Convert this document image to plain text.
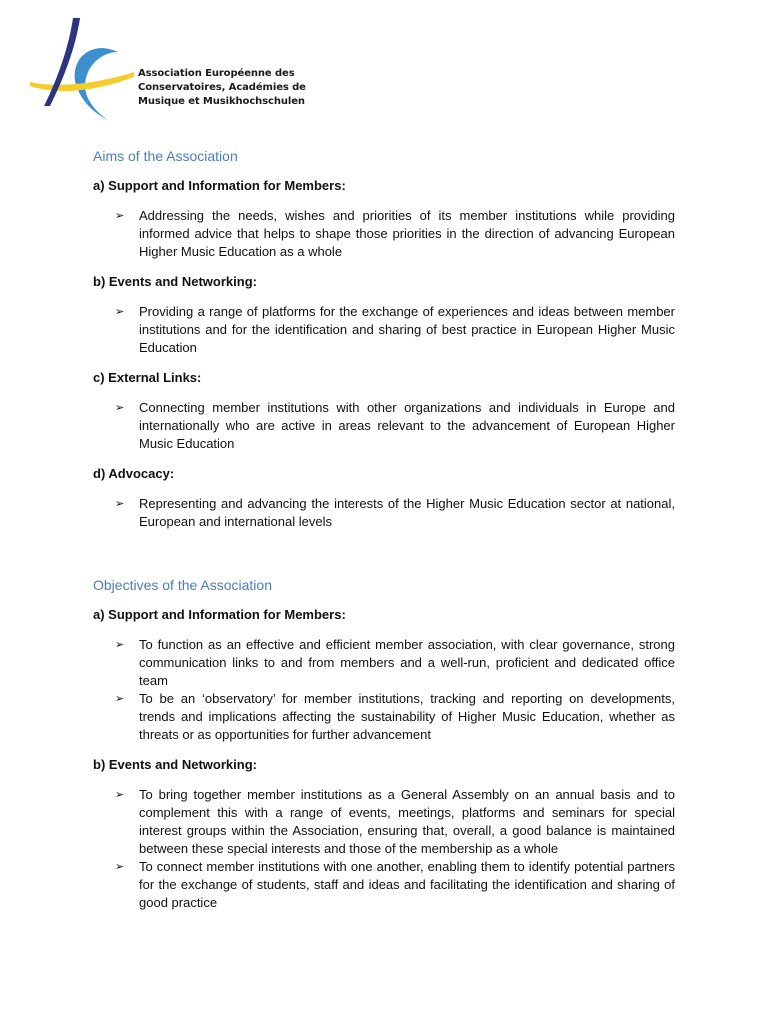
Association Européenne des
Conservatoires, Académies de
Musique et Musikhochschulen
Aims of the Association
a) Support and Information for Members:
➢ Addressing the needs, wishes and priorities of its member institutions while providing informed advice that helps to shape those priorities in the direction of advancing European Higher Music Education as a whole
b) Events and Networking:
➢ Providing a range of platforms for the exchange of experiences and ideas between member institutions and for the identification and sharing of best practice in European Higher Music Education
c) External Links:
➢ Connecting member institutions with other organizations and individuals in Europe and internationally who are active in areas relevant to the advancement of European Higher Music Education
d) Advocacy:
➢ Representing and advancing the interests of the Higher Music Education sector at national, European and international levels
Objectives of the Association
a) Support and Information for Members:
➢ To function as an effective and efficient member association, with clear governance, strong communication links to and from members and a well-run, proficient and dedicated office team
➢ To be an ‘observatory’ for member institutions, tracking and reporting on developments, trends and implications affecting the sustainability of Higher Music Education, whether as threats or as opportunities for further advancement
b) Events and Networking:
➢ To bring together member institutions as a General Assembly on an annual basis and to complement this with a range of events, meetings, platforms and seminars for special interest groups within the Association, ensuring that, overall, a good balance is maintained between these special interests and those of the membership as a whole
➢ To connect member institutions with one another, enabling them to identify potential partners for the exchange of students, staff and ideas and facilitating the identification and sharing of good practice
